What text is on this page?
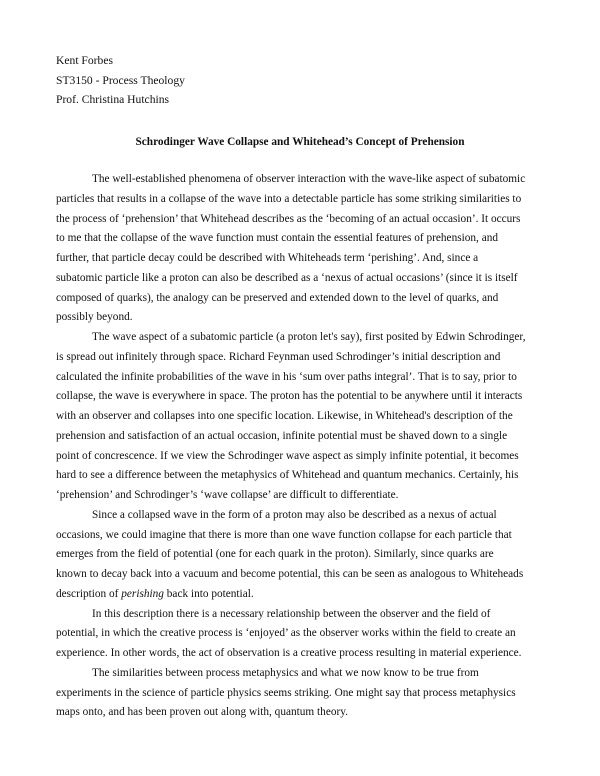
Kent Forbes
ST3150 - Process Theology
Prof. Christina Hutchins
Schrodinger Wave Collapse and Whitehead’s Concept of Prehension
The well-established phenomena of observer interaction with the wave-like aspect of subatomic
particles that results in a collapse of the wave into a detectable particle has some striking similarities to
the process of ‘prehension’ that Whitehead describes as the ‘becoming of an actual occasion’. It occurs
to me that the collapse of the wave function must contain the essential features of prehension, and
further, that particle decay could be described with Whiteheads term ‘perishing’. And, since a
subatomic particle like a proton can also be described as a ‘nexus of actual occasions’ (since it is itself
composed of quarks), the analogy can be preserved and extended down to the level of quarks, and
possibly beyond.
The wave aspect of a subatomic particle (a proton let's say), first posited by Edwin Schrodinger,
is spread out infinitely through space. Richard Feynman used Schrodinger’s initial description and
calculated the infinite probabilities of the wave in his ‘sum over paths integral’. That is to say, prior to
collapse, the wave is everywhere in space. The proton has the potential to be anywhere until it interacts
with an observer and collapses into one specific location. Likewise, in Whitehead's description of the
prehension and satisfaction of an actual occasion, infinite potential must be shaved down to a single
point of concrescence. If we view the Schrodinger wave aspect as simply infinite potential, it becomes
hard to see a difference between the metaphysics of Whitehead and quantum mechanics. Certainly, his
‘prehension’ and Schrodinger’s ‘wave collapse’ are difficult to differentiate.
Since a collapsed wave in the form of a proton may also be described as a nexus of actual
occasions, we could imagine that there is more than one wave function collapse for each particle that
emerges from the field of potential (one for each quark in the proton). Similarly, since quarks are
known to decay back into a vacuum and become potential, this can be seen as analogous to Whiteheads
description of perishing back into potential.
In this description there is a necessary relationship between the observer and the field of
potential, in which the creative process is ‘enjoyed’ as the observer works within the field to create an
experience. In other words, the act of observation is a creative process resulting in material experience.
The similarities between process metaphysics and what we now know to be true from
experiments in the science of particle physics seems striking. One might say that process metaphysics
maps onto, and has been proven out along with, quantum theory.
